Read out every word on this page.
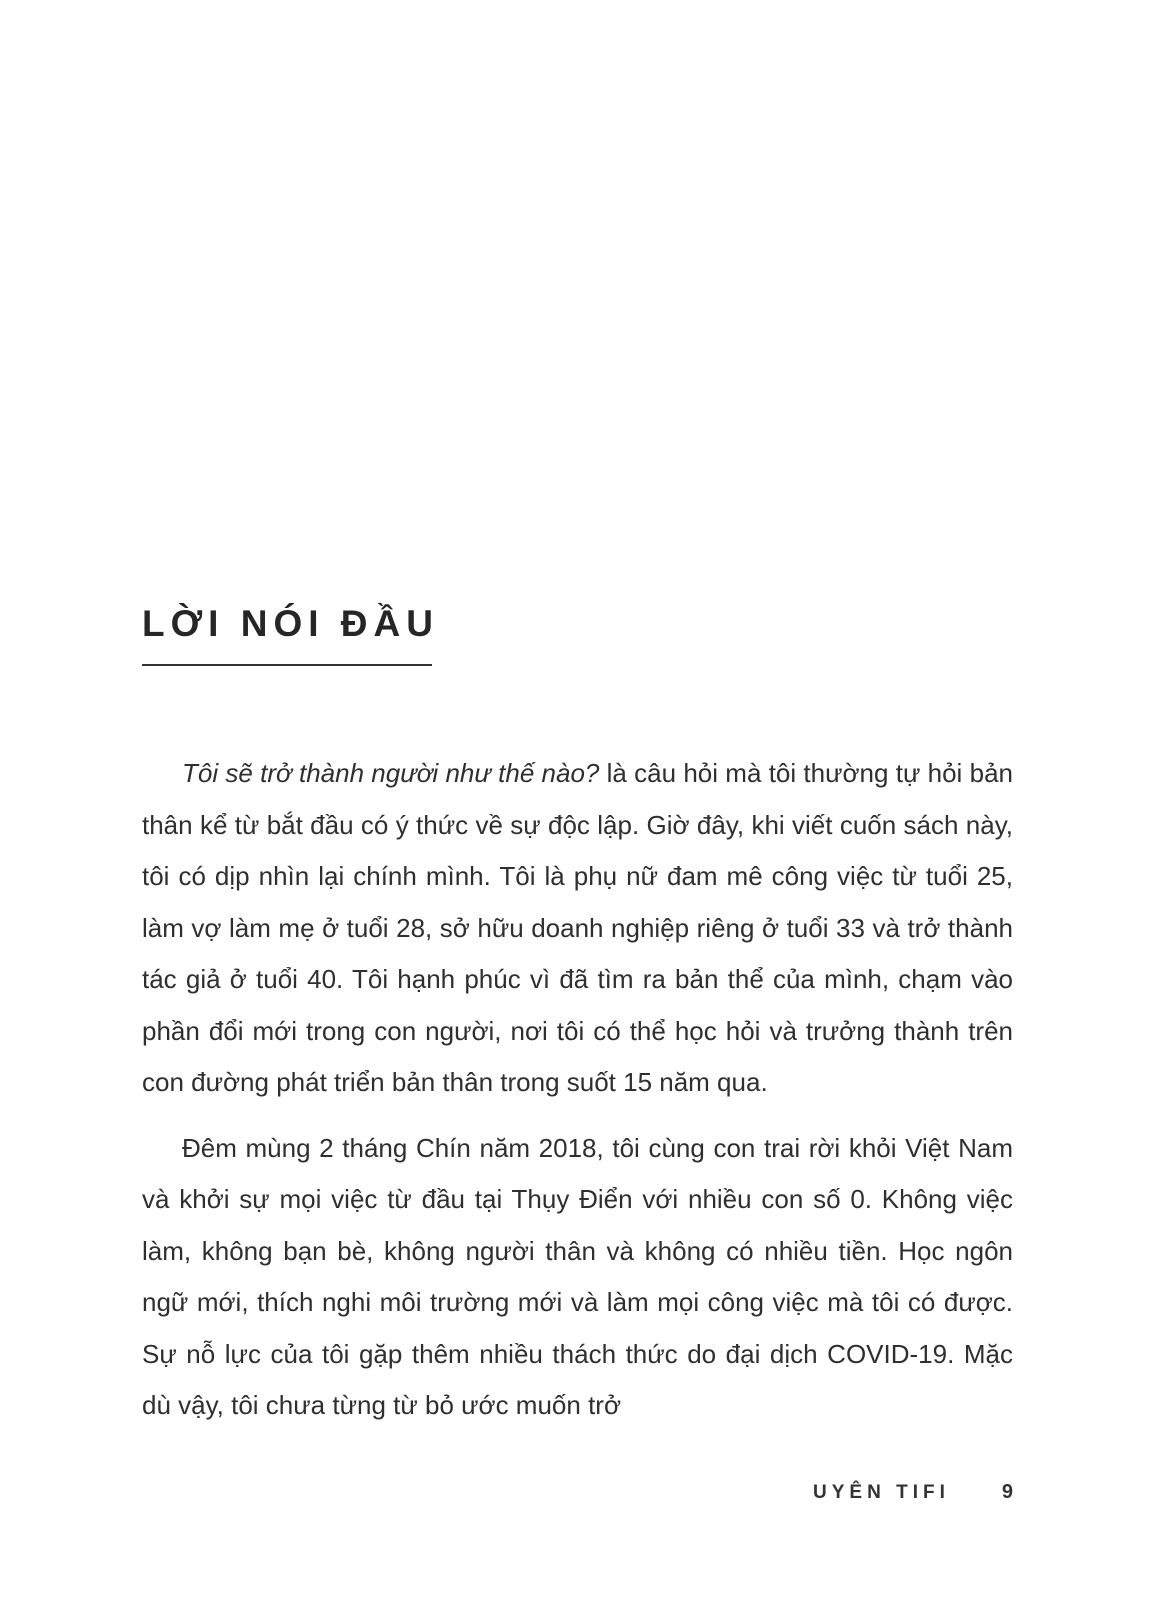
LỜI NÓI ĐẦU

Tôi sẽ trở thành người như thế nào? là câu hỏi mà tôi thường tự hỏi bản thân kể từ bắt đầu có ý thức về sự độc lập. Giờ đây, khi viết cuốn sách này, tôi có dịp nhìn lại chính mình. Tôi là phụ nữ đam mê công việc từ tuổi 25, làm vợ làm mẹ ở tuổi 28, sở hữu doanh nghiệp riêng ở tuổi 33 và trở thành tác giả ở tuổi 40. Tôi hạnh phúc vì đã tìm ra bản thể của mình, chạm vào phần đổi mới trong con người, nơi tôi có thể học hỏi và trưởng thành trên con đường phát triển bản thân trong suốt 15 năm qua.

Đêm mùng 2 tháng Chín năm 2018, tôi cùng con trai rời khỏi Việt Nam và khởi sự mọi việc từ đầu tại Thụy Điển với nhiều con số 0. Không việc làm, không bạn bè, không người thân và không có nhiều tiền. Học ngôn ngữ mới, thích nghi môi trường mới và làm mọi công việc mà tôi có được. Sự nỗ lực của tôi gặp thêm nhiều thách thức do đại dịch COVID-19. Mặc dù vậy, tôi chưa từng từ bỏ ước muốn trở

UYÊN TIFI	9
